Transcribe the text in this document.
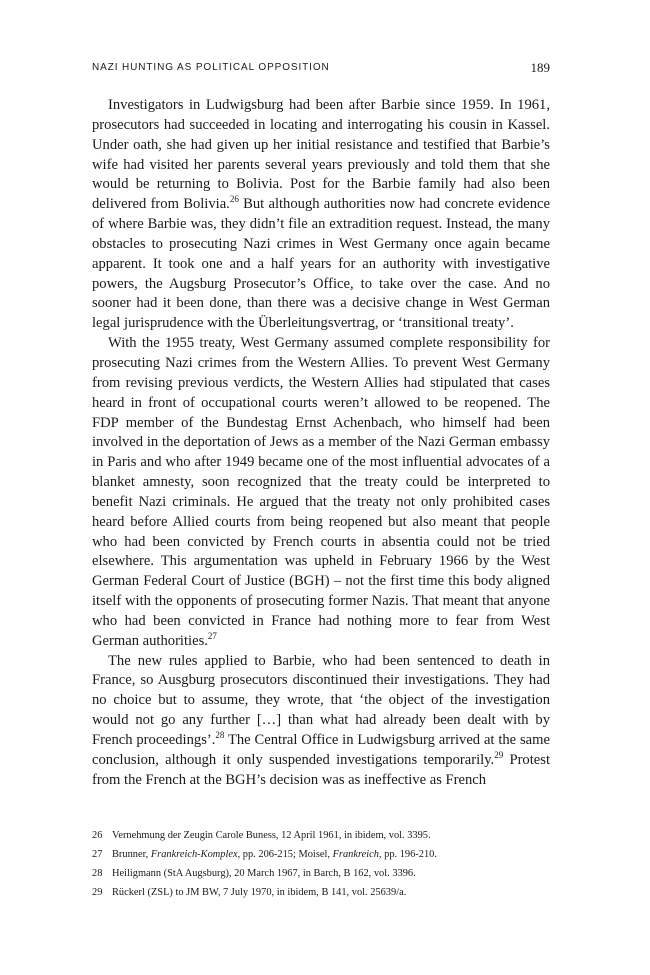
NAZI HUNTING AS POLITICAL OPPOSITION	189

Investigators in Ludwigsburg had been after Barbie since 1959. In 1961, prosecutors had succeeded in locating and interrogating his cousin in Kassel. Under oath, she had given up her initial resistance and testified that Barbie’s wife had visited her parents several years previously and told them that she would be returning to Bolivia. Post for the Barbie family had also been delivered from Bolivia.$^{26}$ But although authorities now had concrete evidence of where Barbie was, they didn’t file an extradition request. Instead, the many obstacles to prosecuting Nazi crimes in West Germany once again became apparent. It took one and a half years for an authority with investigative powers, the Augsburg Prosecutor’s Office, to take over the case. And no sooner had it been done, than there was a decisive change in West German legal jurisprudence with the Überleitungsvertrag, or ‘transitional treaty’.

With the 1955 treaty, West Germany assumed complete responsibility for prosecuting Nazi crimes from the Western Allies. To prevent West Germany from revising previous verdicts, the Western Allies had stipulated that cases heard in front of occupational courts weren’t allowed to be reopened. The FDP member of the Bundestag Ernst Achenbach, who himself had been involved in the deportation of Jews as a member of the Nazi German embassy in Paris and who after 1949 became one of the most influential advocates of a blanket amnesty, soon recognized that the treaty could be interpreted to benefit Nazi criminals. He argued that the treaty not only prohibited cases heard before Allied courts from being reopened but also meant that people who had been convicted by French courts in absentia could not be tried elsewhere. This argumentation was upheld in February 1966 by the West German Federal Court of Justice (BGH) – not the first time this body aligned itself with the opponents of prosecuting former Nazis. That meant that anyone who had been convicted in France had nothing more to fear from West German authorities.$^{27}$

The new rules applied to Barbie, who had been sentenced to death in France, so Ausgburg prosecutors discontinued their investigations. They had no choice but to assume, they wrote, that ‘the object of the investigation would not go any further […] than what had already been dealt with by French proceedings’.$^{28}$ The Central Office in Ludwigsburg arrived at the same conclusion, although it only suspended investigations temporarily.$^{29}$ Protest from the French at the BGH’s decision was as ineffective as French

26 Vernehmung der Zeugin Carole Buness, 12 April 1961, in ibidem, vol. 3395.
27 Brunner, Frankreich-Komplex, pp. 206-215; Moisel, Frankreich, pp. 196-210.
28 Heiligmann (StA Augsburg), 20 March 1967, in Barch, B 162, vol. 3396.
29 Rückerl (ZSL) to JM BW, 7 July 1970, in ibidem, B 141, vol. 25639/a.
